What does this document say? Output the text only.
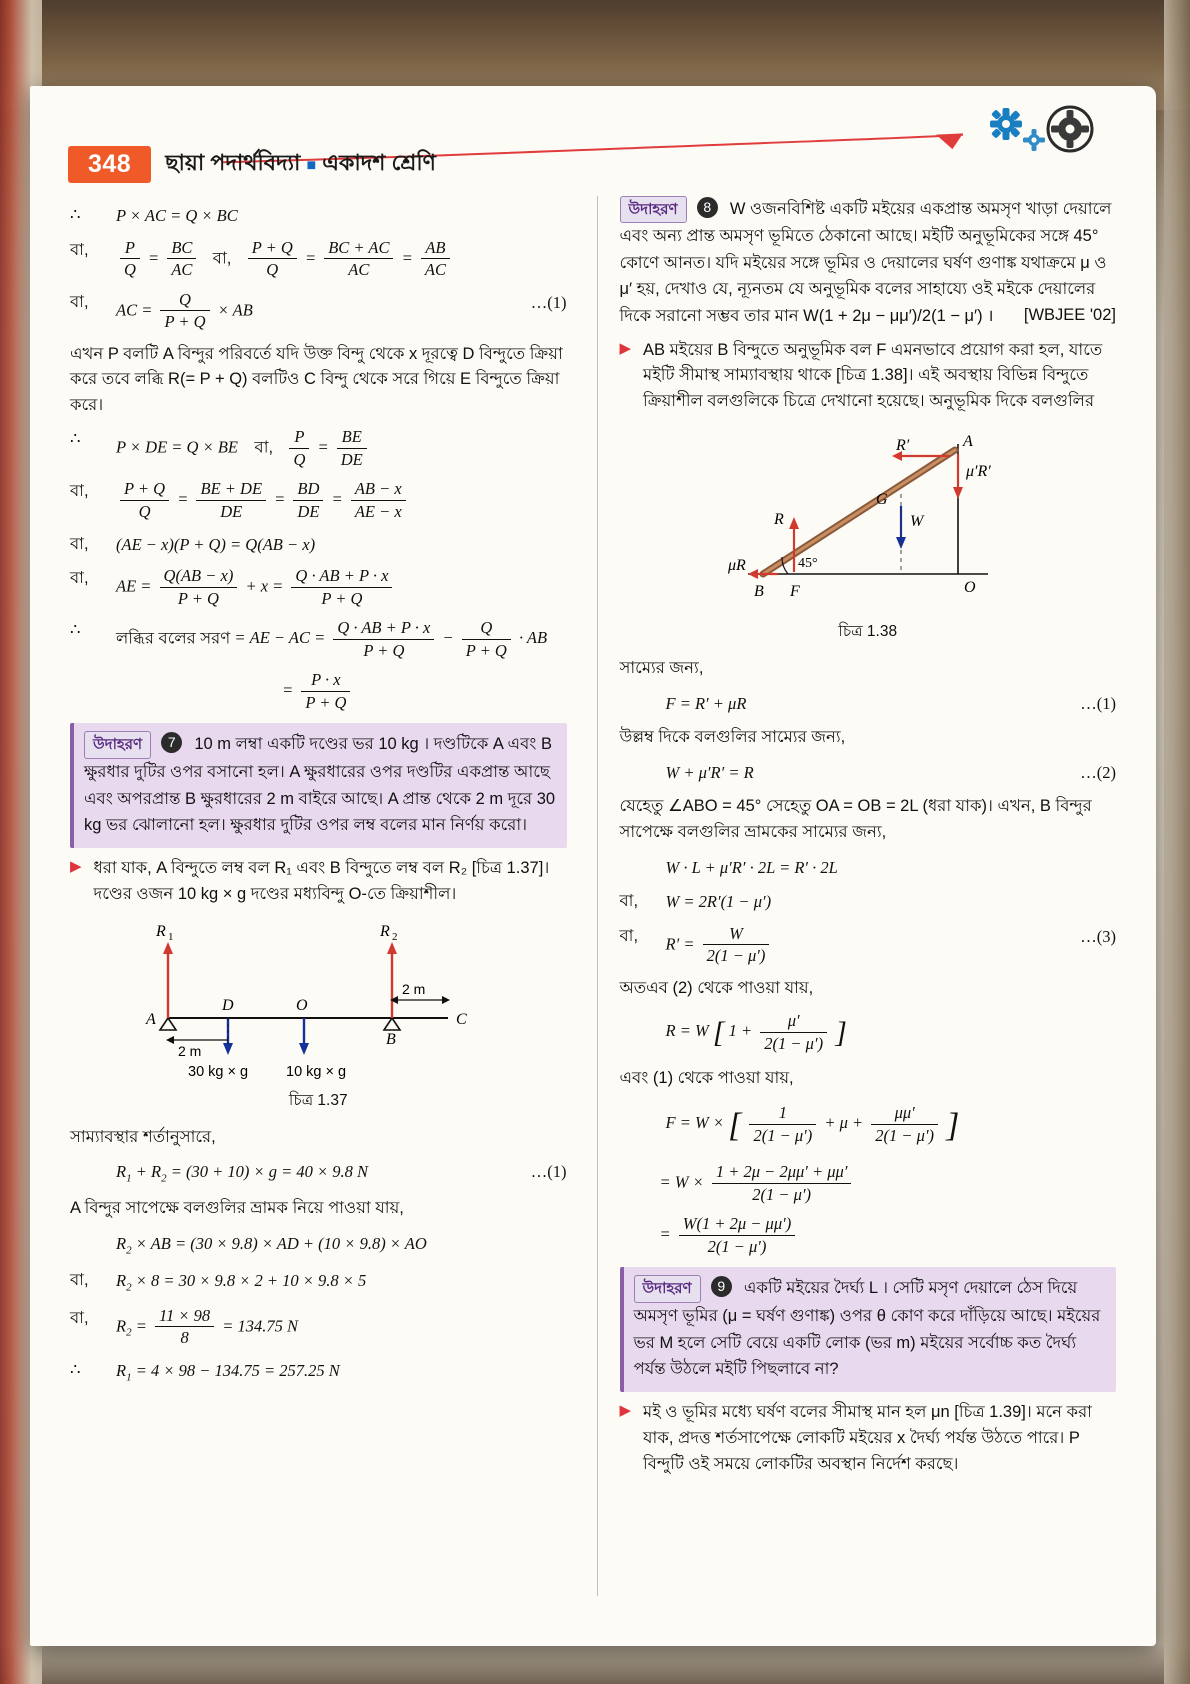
348	ছায়া পদার্থবিদ্যা ■ একাদশ শ্রেণি
∴	P × AC = Q × BC
বা,	$\frac{P}{Q} = \frac{BC}{AC}$ বা, $\frac{P + Q}{Q} = \frac{BC + AC}{AC} = \frac{AB}{AC}$
বা,	AC = $\frac{Q}{P + Q}$ × AB	…(1)

এখন P বলটি A বিন্দুর পরিবর্তে যদি উক্ত বিন্দু থেকে x দূরত্বে D বিন্দুতে ক্রিয়া করে তবে লব্ধি R(= P + Q) বলটিও C বিন্দু থেকে সরে গিয়ে E বিন্দুতে ক্রিয়া করে।

∴	P × DE = Q × BE    বা, $\frac{P}{Q} = \frac{BE}{DE}$
বা,	$\frac{P + Q}{Q} = \frac{BE + DE}{DE} = \frac{BD}{DE} = \frac{AB - x}{AE - x}$
বা,	(AE − x)(P + Q) = Q(AB − x)
বা,	AE = $\frac{Q(AB - x)}{P + Q} + x = \frac{Q \cdot AB + P \cdot x}{P + Q}$
∴	লব্ধির বলের সরণ = AE − AC = $\frac{Q \cdot AB + P \cdot x}{P + Q} - \frac{Q}{P + Q}$ · AB
= $\frac{P \cdot x}{P + Q}$
উদাহরণ 7 10 m লম্বা একটি দণ্ডের ভর 10 kg । দণ্ডটিকে A এবং B ক্ষুরধার দুটির ওপর বসানো হল। A ক্ষুরধারের ওপর দণ্ডটির একপ্রান্ত আছে এবং অপরপ্রান্ত B ক্ষুরধারের 2 m বাইরে আছে। A প্রান্ত থেকে 2 m দূরে 30 kg ভর ঝোলানো হল। ক্ষুরধার দুটির ওপর লম্ব বলের মান নির্ণয় করো।
▶ ধরা যাক, A বিন্দুতে লম্ব বল R₁ এবং B বিন্দুতে লম্ব বল R₂ [চিত্র 1.37]। দণ্ডের ওজন 10 kg × g দণ্ডের মধ্যবিন্দু O-তে ক্রিয়াশীল।
R 1	R 2
A
D	O
B
C
2 m
2 m
30 kg × g	10 kg × g
চিত্র 1.37

সাম্যাবস্থার শর্তানুসারে,

$R_1 + R_2 = (30 + 10) \times g = 40 \times 9.8$ N	…(1)

A বিন্দুর সাপেক্ষে বলগুলির ভ্রামক নিয়ে পাওয়া যায়,

$R_2$ × AB = (30 × 9.8) × AD + (10 × 9.8) × AO
বা,	$R_2 \times 8 = 30 \times 9.8 \times 2 + 10 \times 9.8 \times 5$
বা,	$R_2 = \frac{11 \times 98}{8} = 134.75$ N
∴	$R_1 = 4 \times 98 - 134.75 = 257.25$ N
উদাহরণ 8 W ওজনবিশিষ্ট একটি মইয়ের একপ্রান্ত অমসৃণ খাড়া দেয়ালে এবং অন্য প্রান্ত অমসৃণ ভূমিতে ঠেকানো আছে। মইটি অনুভূমিকের সঙ্গে 45° কোণে আনত। যদি মইয়ের সঙ্গে ভূমির ও দেয়ালের ঘর্ষণ গুণাঙ্ক যথাক্রমে μ ও μ′ হয়, দেখাও যে, ন্যূনতম যে অনুভূমিক বলের সাহায্যে ওই মইকে দেয়ালের দিকে সরানো সম্ভব তার মান W(1 + 2μ − μμ′)/2(1 − μ′) । [WBJEE '02]
▶ AB মইয়ের B বিন্দুতে অনুভূমিক বল F এমনভাবে প্রয়োগ করা হল, যাতে মইটি সীমাস্থ সাম্যাবস্থায় থাকে [চিত্র 1.38]। এই অবস্থায় বিভিন্ন বিন্দুতে ক্রিয়াশীল বলগুলিকে চিত্রে দেখানো হয়েছে। অনুভূমিক দিকে বলগুলির
R′	A
μ′R′
G
W
R
μR	45°
B F	O
চিত্র 1.38

সাম্যের জন্য,

F = R′ + μR	…(1)

উল্লম্ব দিকে বলগুলির সাম্যের জন্য,

W + μ′R′ = R	…(2)

যেহেতু ∠ABO = 45° সেহেতু OA = OB = 2L (ধরা যাক)। এখন, B বিন্দুর সাপেক্ষে বলগুলির ভ্রামকের সাম্যের জন্য,

W · L + μ′R′ · 2L = R′ · 2L
বা,	W = 2R′(1 − μ′)
বা,	$R' = \frac{W}{2(1 - \mu')}$	…(3)

অতএব (2) থেকে পাওয়া যায়,

R = W [ $1 + \frac{\mu'}{2(1 - \mu')}$ ]

এবং (1) থেকে পাওয়া যায়,

F = W × [ $\frac{1}{2(1 - \mu')} + \mu + \frac{\mu\mu'}{2(1 - \mu')}$ ]
= $W \times \frac{1 + 2\mu - 2\mu\mu' + \mu\mu'}{2(1 - \mu')}$
= $\frac{W(1 + 2\mu - \mu\mu')}{2(1 - \mu')}$
উদাহরণ 9 একটি মইয়ের দৈর্ঘ্য L । সেটি মসৃণ দেয়ালে ঠেস দিয়ে অমসৃণ ভূমির (μ = ঘর্ষণ গুণাঙ্ক) ওপর θ কোণ করে দাঁড়িয়ে আছে। মইয়ের ভর M হলে সেটি বেয়ে একটি লোক (ভর m) মইয়ের সর্বোচ্চ কত দৈর্ঘ্য পর্যন্ত উঠলে মইটি পিছলাবে না?
▶ মই ও ভূমির মধ্যে ঘর্ষণ বলের সীমাস্থ মান হল μn [চিত্র 1.39]। মনে করা যাক, প্রদত্ত শর্তসাপেক্ষে লোকটি মইয়ের x দৈর্ঘ্য পর্যন্ত উঠতে পারে। P বিন্দুটি ওই সময়ে লোকটির অবস্থান নির্দেশ করছে।
